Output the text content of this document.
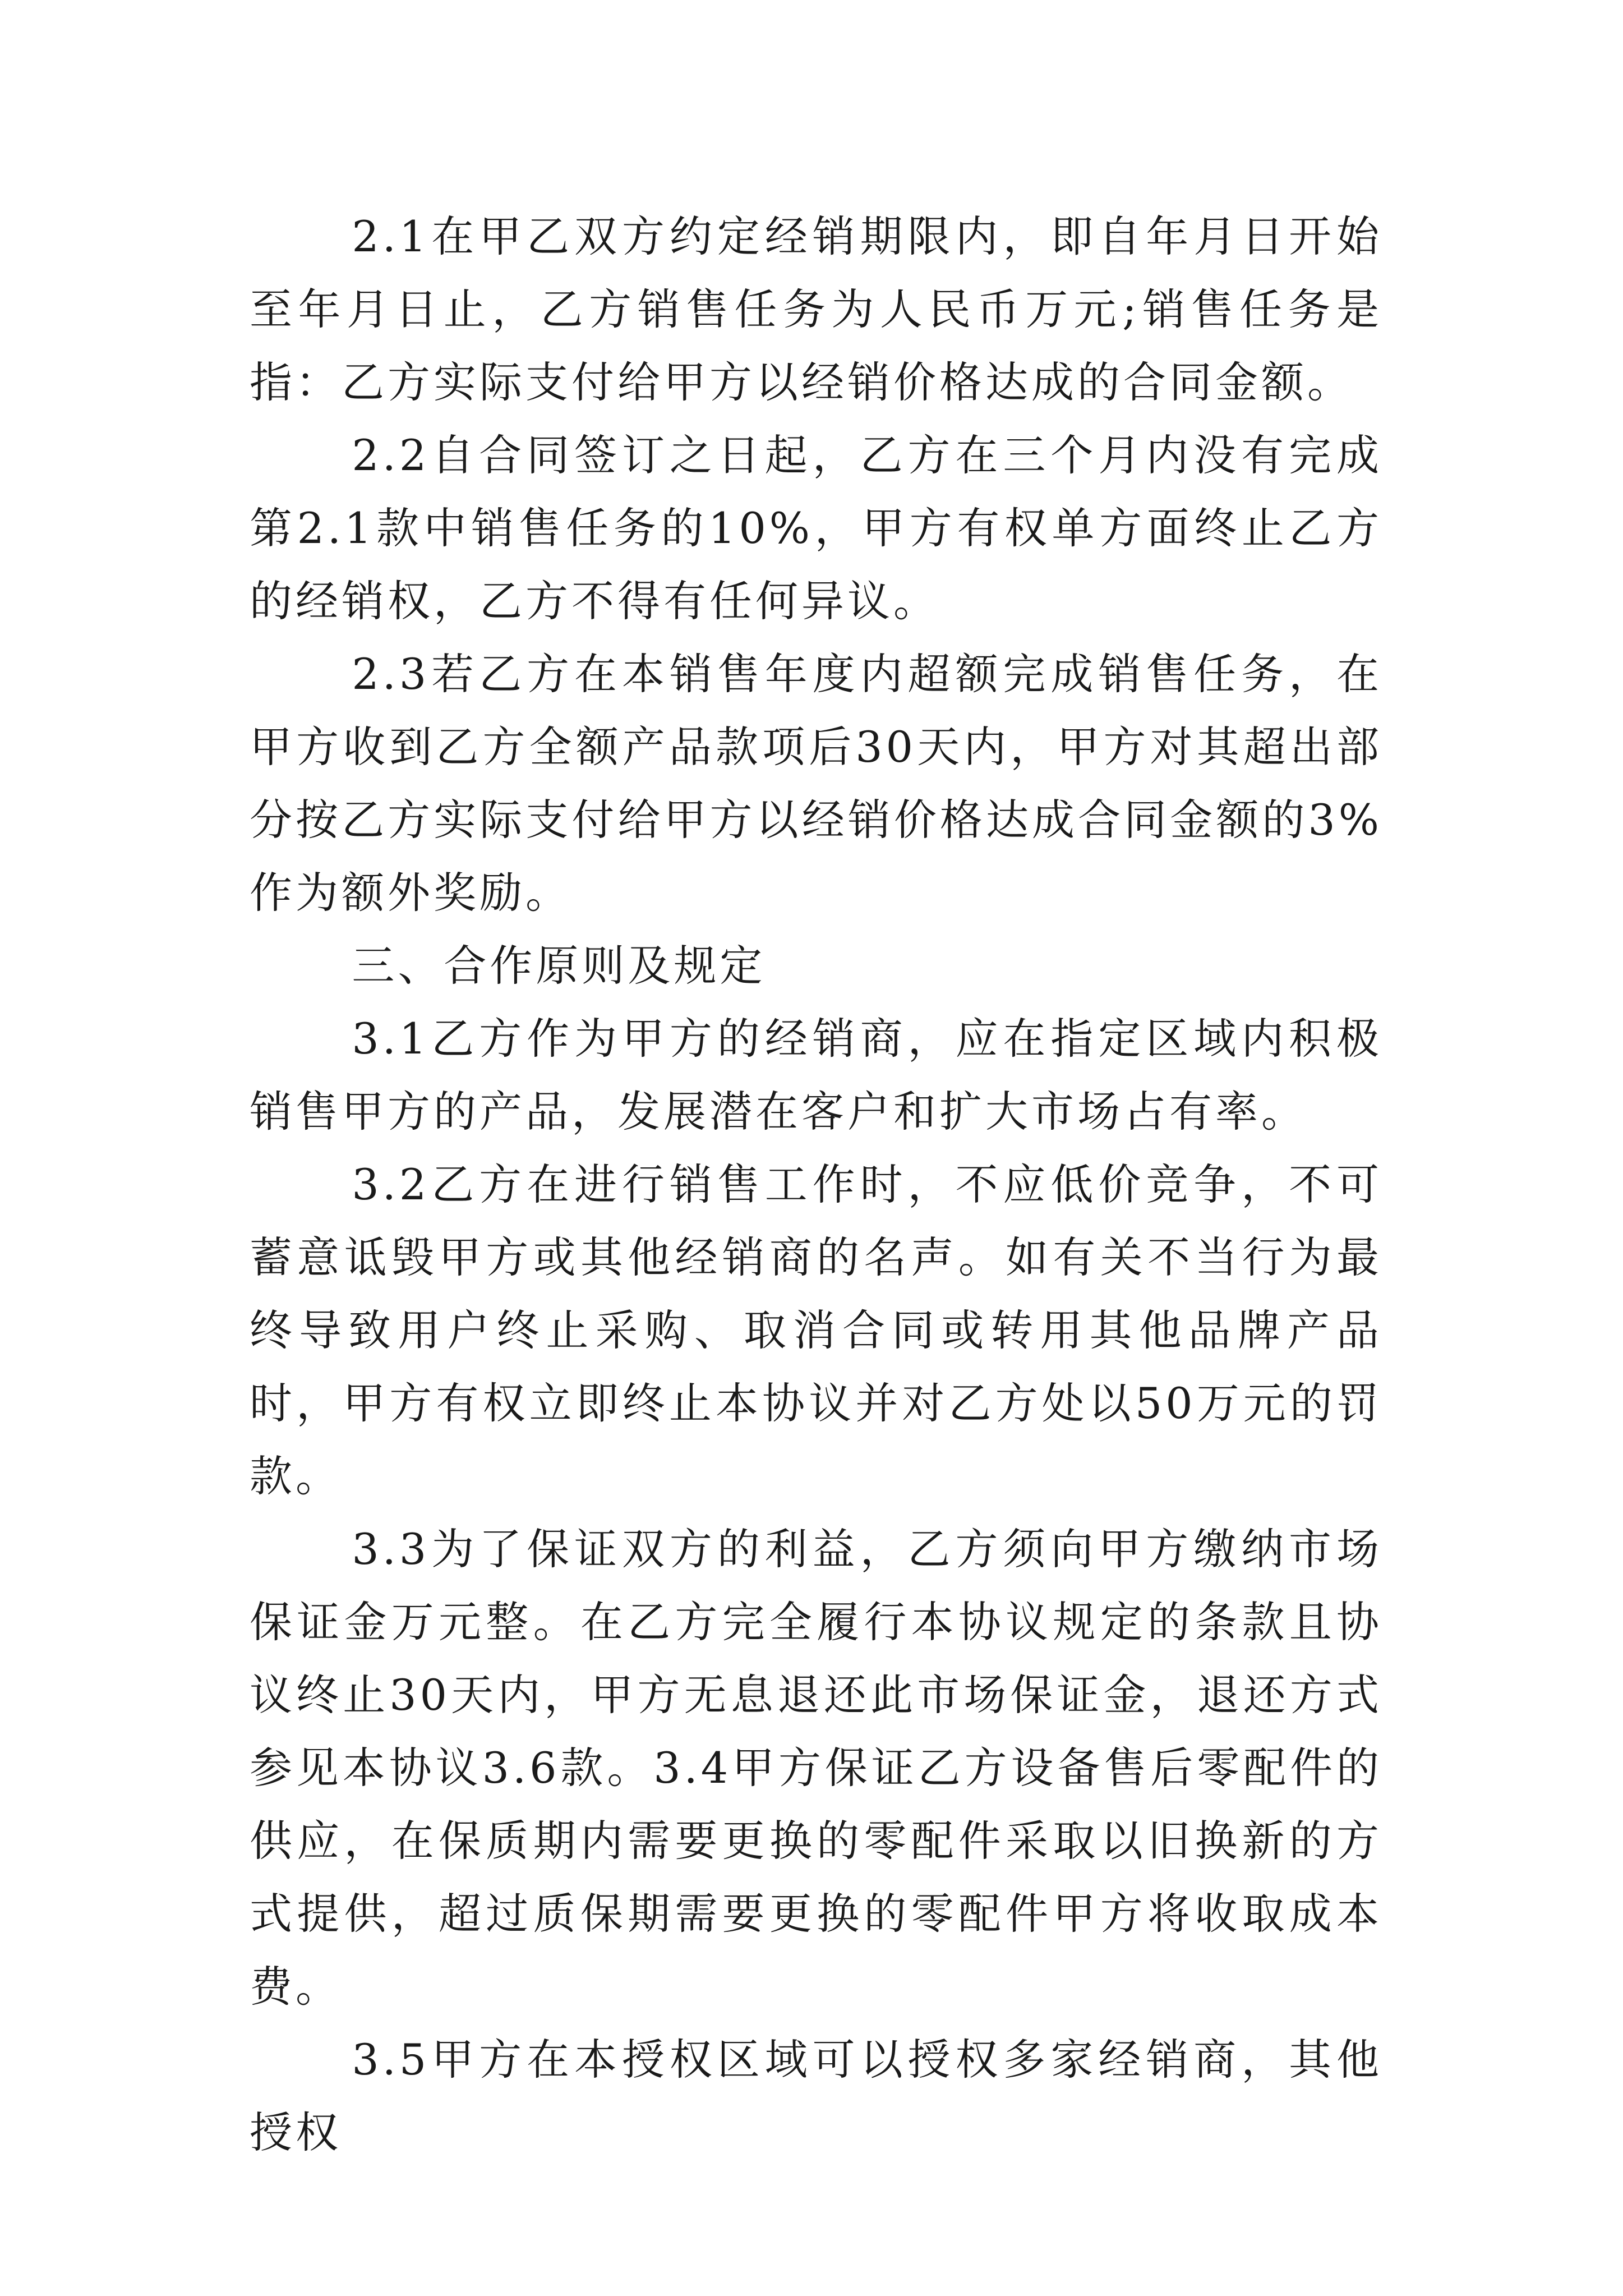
2.1在甲乙双方约定经销期限内，即自年月日开始至年月日止，乙方销售任务为人民币万元;销售任务是指：乙方实际支付给甲方以经销价格达成的合同金额。

2.2自合同签订之日起，乙方在三个月内没有完成第2.1款中销售任务的10%，甲方有权单方面终止乙方的经销权，乙方不得有任何异议。

2.3若乙方在本销售年度内超额完成销售任务，在甲方收到乙方全额产品款项后30天内，甲方对其超出部分按乙方实际支付给甲方以经销价格达成合同金额的3%作为额外奖励。

三、合作原则及规定

3.1乙方作为甲方的经销商，应在指定区域内积极销售甲方的产品，发展潜在客户和扩大市场占有率。

3.2乙方在进行销售工作时，不应低价竞争，不可蓄意诋毁甲方或其他经销商的名声。如有关不当行为最终导致用户终止采购、取消合同或转用其他品牌产品时，甲方有权立即终止本协议并对乙方处以50万元的罚款。

3.3为了保证双方的利益，乙方须向甲方缴纳市场保证金万元整。在乙方完全履行本协议规定的条款且协议终止30天内，甲方无息退还此市场保证金，退还方式参见本协议3.6款。3.4甲方保证乙方设备售后零配件的供应，在保质期内需要更换的零配件采取以旧换新的方式提供，超过质保期需要更换的零配件甲方将收取成本费。

3.5甲方在本授权区域可以授权多家经销商，其他授权
